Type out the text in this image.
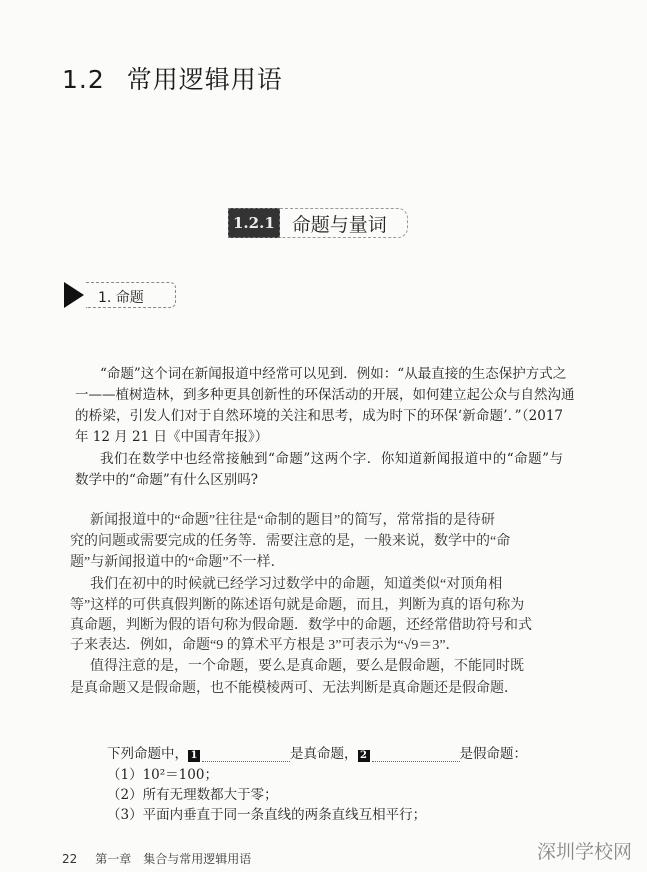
1.2 常用逻辑用语
1.2.1 命题与量词
1. 命题
“命题”这个词在新闻报道中经常可以见到．例如：“从最直接的生态保护方式之
一——植树造林，到多种更具创新性的环保活动的开展，如何建立起公众与自然沟通
的桥梁，引发人们对于自然环境的关注和思考，成为时下的环保‘新命题’．”（2017
年 12 月 21 日《中国青年报》）
我们在数学中也经常接触到“命题”这两个字．你知道新闻报道中的“命题”与
数学中的“命题”有什么区别吗?
新闻报道中的“命题”往往是“命制的题目”的简写，常常指的是待研
究的问题或需要完成的任务等．需要注意的是，一般来说，数学中的“命
题”与新闻报道中的“命题”不一样．
我们在初中的时候就已经学习过数学中的命题，知道类似“对顶角相
等”这样的可供真假判断的陈述语句就是命题，而且，判断为真的语句称为
真命题，判断为假的语句称为假命题．数学中的命题，还经常借助符号和式
子来表达．例如，命题“9 的算术平方根是 3”可表示为“√9＝3”．
值得注意的是，一个命题，要么是真命题，要么是假命题，不能同时既
是真命题又是假命题，也不能模棱两可、无法判断是真命题还是假命题．
下列命题中， 1	是真命题， 2	是假命题：
（1）10²＝100；
（2）所有无理数都大于零；
（3）平面内垂直于同一条直线的两条直线互相平行；
22 第一章　集合与常用逻辑用语	深圳学校网
